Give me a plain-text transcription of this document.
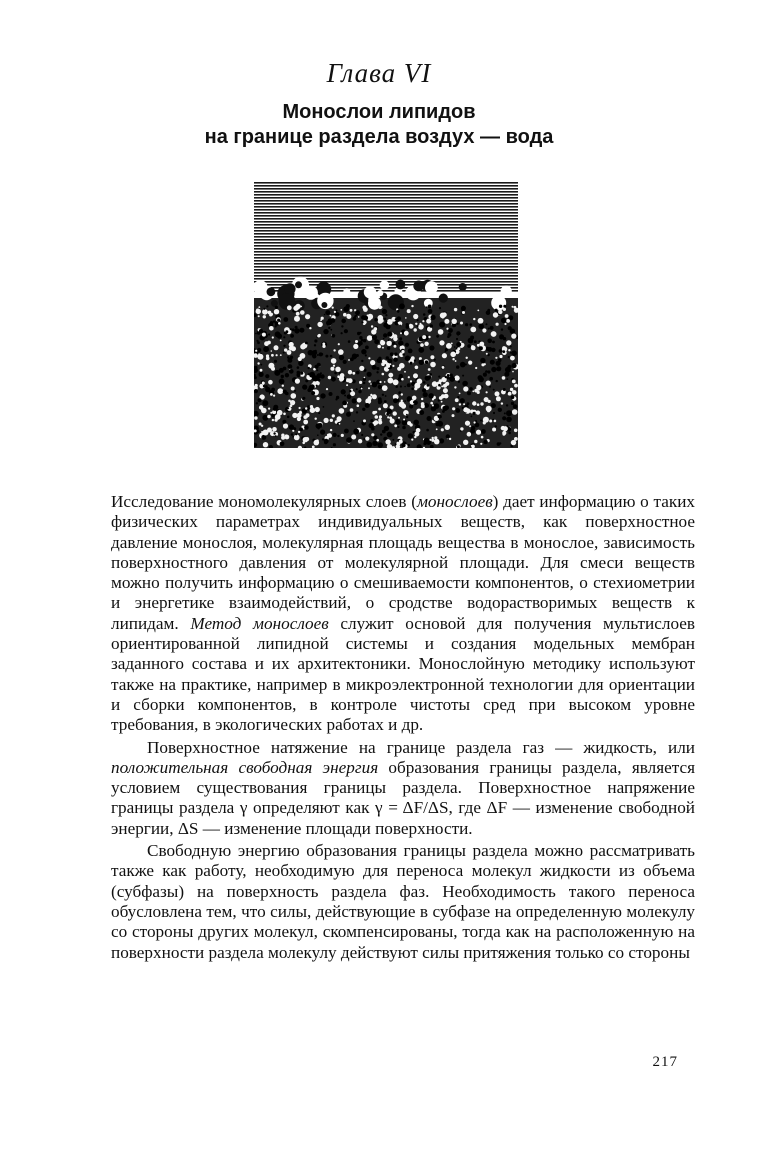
Глава VI
Монослои липидов
на границе раздела воздух — вода

Исследование мономолекулярных слоев (монослоев) дает информацию о таких физических параметрах индивидуальных веществ, как поверхностное давление монослоя, молекулярная площадь вещества в монослое, зависимость поверхностного давления от молекулярной площади. Для смеси веществ можно получить информацию о смешиваемости компонентов, о стехиометрии и энергетике взаимодействий, о сродстве водорастворимых веществ к липидам. Метод монослоев служит основой для получения мультислоев ориентированной липидной системы и создания модельных мембран заданного состава и их архитектоники. Монослойную методику используют также на практике, например в микроэлектронной технологии для ориентации и сборки компонентов, в контроле чистоты сред при высоком уровне требования, в экологических работах и др.

Поверхностное натяжение на границе раздела газ — жидкость, или положительная свободная энергия образования границы раздела, является условием существования границы раздела. Поверхностное напряжение границы раздела γ определяют как γ = ΔF/ΔS, где ΔF — изменение свободной энергии, ΔS — изменение площади поверхности.

Свободную энергию образования границы раздела можно рассматривать также как работу, необходимую для переноса молекул жидкости из объема (субфазы) на поверхность раздела фаз. Необходимость такого переноса обусловлена тем, что силы, действующие в субфазе на определенную молекулу со стороны других молекул, скомпенсированы, тогда как на расположенную на поверхности раздела молекулу действуют силы притяжения только со стороны

217
